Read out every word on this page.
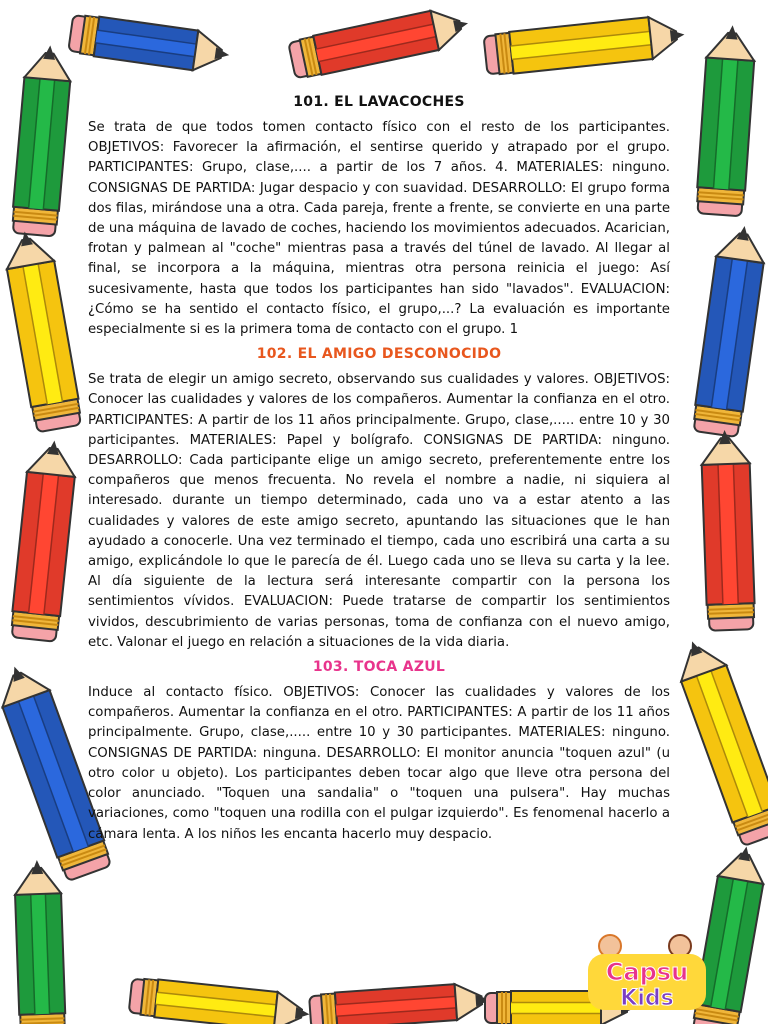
101. EL LAVACOCHES

Se trata de que todos tomen contacto físico con el resto de los participantes. OBJETIVOS: Favorecer la afirmación, el sentirse querido y atrapado por el grupo. PARTICIPANTES: Grupo, clase,.... a partir de los 7 años. 4. MATERIALES: ninguno. CONSIGNAS DE PARTIDA: Jugar despacio y con suavidad. DESARROLLO: El grupo forma dos filas, mirándose una a otra. Cada pareja, frente a frente, se convierte en una parte de una máquina de lavado de coches, haciendo los movimientos adecuados. Acarician, frotan y palmean al "coche" mientras pasa a través del túnel de lavado. Al llegar al final, se incorpora a la máquina, mientras otra persona reinicia el juego: Así sucesivamente, hasta que todos los participantes han sido "lavados". EVALUACION: ¿Cómo se ha sentido el contacto físico, el grupo,...? La evaluación es importante especialmente si es la primera toma de contacto con el grupo. 1

102. EL AMIGO DESCONOCIDO

Se trata de elegir un amigo secreto, observando sus cualidades y valores. OBJETIVOS: Conocer las cualidades y valores de los compañeros. Aumentar la confianza en el otro. PARTICIPANTES: A partir de los 11 años principalmente. Grupo, clase,..... entre 10 y 30 participantes. MATERIALES: Papel y bolígrafo. CONSIGNAS DE PARTIDA: ninguno. DESARROLLO: Cada participante elige un amigo secreto, preferentemente entre los compañeros que menos frecuenta. No revela el nombre a nadie, ni siquiera al interesado. durante un tiempo determinado, cada uno va a estar atento a las cualidades y valores de este amigo secreto, apuntando las situaciones que le han ayudado a conocerle. Una vez terminado el tiempo, cada uno escribirá una carta a su amigo, explicándole lo que le parecía de él. Luego cada uno se lleva su carta y la lee. Al día siguiente de la lectura será interesante compartir con la persona los sentimientos vívidos. EVALUACION: Puede tratarse de compartir los sentimientos vividos, descubrimiento de varias personas, toma de confianza con el nuevo amigo, etc. Valonar el juego en relación a situaciones de la vida diaria.

103. TOCA AZUL

Induce al contacto físico. OBJETIVOS: Conocer las cualidades y valores de los compañeros. Aumentar la confianza en el otro. PARTICIPANTES: A partir de los 11 años principalmente. Grupo, clase,..... entre 10 y 30 participantes. MATERIALES: ninguno. CONSIGNAS DE PARTIDA: ninguna. DESARROLLO: El monitor anuncia "toquen azul" (u otro color u objeto). Los participantes deben tocar algo que lleve otra persona del color anunciado. "Toquen una sandalia" o "toquen una pulsera". Hay muchas variaciones, como "toquen una rodilla con el pulgar izquierdo". Es fenomenal hacerlo a cámara lenta. A los niños les encanta hacerlo muy despacio.

Capsu
Kids
